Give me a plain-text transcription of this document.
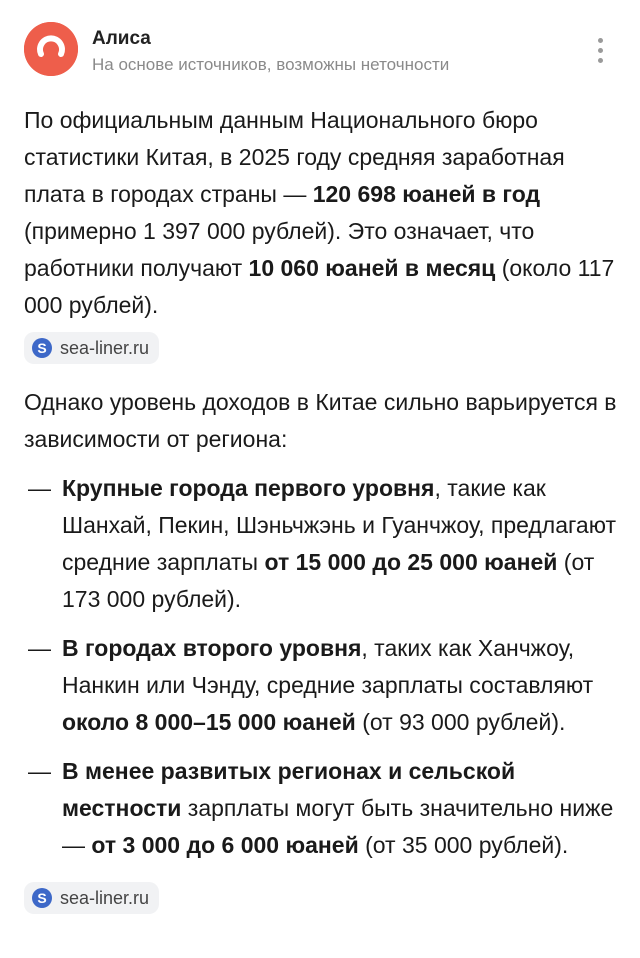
Алиса
На основе источников, возможны неточности

По официальным данным Национального бюро статистики Китая, в 2025 году средняя заработная плата в городах страны — 120 698 юаней в год (примерно 1 397 000 рублей). Это означает, что работники получают 10 060 юаней в месяц (около 117 000 рублей).

S sea-liner.ru

Однако уровень доходов в Китае сильно варьируется в зависимости от региона:

— Крупные города первого уровня, такие как Шанхай, Пекин, Шэньчжэнь и Гуанчжоу, предлагают средние зарплаты от 15 000 до 25 000 юаней (от 173 000 рублей).
— В городах второго уровня, таких как Ханчжоу, Нанкин или Чэнду, средние зарплаты составляют около 8 000–15 000 юаней (от 93 000 рублей).
— В менее развитых регионах и сельской местности зарплаты могут быть значительно ниже — от 3 000 до 6 000 юаней (от 35 000 рублей).
S sea-liner.ru
